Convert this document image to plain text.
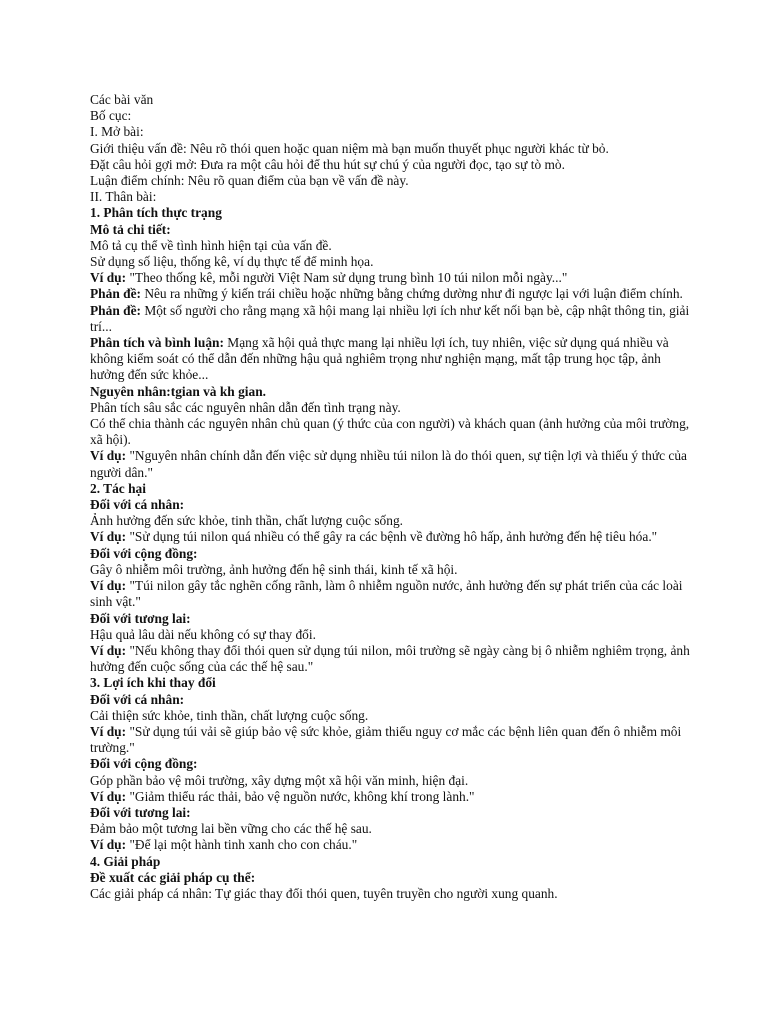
Các bài văn
Bố cục:
I. Mở bài:
Giới thiệu vấn đề: Nêu rõ thói quen hoặc quan niệm mà bạn muốn thuyết phục người khác từ bỏ.
Đặt câu hỏi gợi mở: Đưa ra một câu hỏi để thu hút sự chú ý của người đọc, tạo sự tò mò.
Luận điểm chính: Nêu rõ quan điểm của bạn về vấn đề này.
II. Thân bài:
1. Phân tích thực trạng
Mô tả chi tiết:
Mô tả cụ thể về tình hình hiện tại của vấn đề.
Sử dụng số liệu, thống kê, ví dụ thực tế để minh họa.
Ví dụ: "Theo thống kê, mỗi người Việt Nam sử dụng trung bình 10 túi nilon mỗi ngày..."
Phản đề: Nêu ra những ý kiến trái chiều hoặc những bằng chứng dường như đi ngược lại với luận điểm chính.
Phản đề: Một số người cho rằng mạng xã hội mang lại nhiều lợi ích như kết nối bạn bè, cập nhật thông tin, giải trí...
Phân tích và bình luận: Mạng xã hội quả thực mang lại nhiều lợi ích, tuy nhiên, việc sử dụng quá nhiều và không kiểm soát có thể dẫn đến những hậu quả nghiêm trọng như nghiện mạng, mất tập trung học tập, ảnh hưởng đến sức khỏe...
Nguyên nhân:tgian và kh gian.
Phân tích sâu sắc các nguyên nhân dẫn đến tình trạng này.
Có thể chia thành các nguyên nhân chủ quan (ý thức của con người) và khách quan (ảnh hưởng của môi trường, xã hội).
Ví dụ: "Nguyên nhân chính dẫn đến việc sử dụng nhiều túi nilon là do thói quen, sự tiện lợi và thiếu ý thức của người dân."
2. Tác hại
Đối với cá nhân:
Ảnh hưởng đến sức khỏe, tinh thần, chất lượng cuộc sống.
Ví dụ: "Sử dụng túi nilon quá nhiều có thể gây ra các bệnh về đường hô hấp, ảnh hưởng đến hệ tiêu hóa."
Đối với cộng đồng:
Gây ô nhiễm môi trường, ảnh hưởng đến hệ sinh thái, kinh tế xã hội.
Ví dụ: "Túi nilon gây tắc nghẽn cống rãnh, làm ô nhiễm nguồn nước, ảnh hưởng đến sự phát triển của các loài sinh vật."
Đối với tương lai:
Hậu quả lâu dài nếu không có sự thay đổi.
Ví dụ: "Nếu không thay đổi thói quen sử dụng túi nilon, môi trường sẽ ngày càng bị ô nhiễm nghiêm trọng, ảnh hưởng đến cuộc sống của các thế hệ sau."
3. Lợi ích khi thay đổi
Đối với cá nhân:
Cải thiện sức khỏe, tinh thần, chất lượng cuộc sống.
Ví dụ: "Sử dụng túi vải sẽ giúp bảo vệ sức khỏe, giảm thiểu nguy cơ mắc các bệnh liên quan đến ô nhiễm môi trường."
Đối với cộng đồng:
Góp phần bảo vệ môi trường, xây dựng một xã hội văn minh, hiện đại.
Ví dụ: "Giảm thiểu rác thải, bảo vệ nguồn nước, không khí trong lành."
Đối với tương lai:
Đảm bảo một tương lai bền vững cho các thế hệ sau.
Ví dụ: "Để lại một hành tinh xanh cho con cháu."
4. Giải pháp
Đề xuất các giải pháp cụ thể:
Các giải pháp cá nhân: Tự giác thay đổi thói quen, tuyên truyền cho người xung quanh.
